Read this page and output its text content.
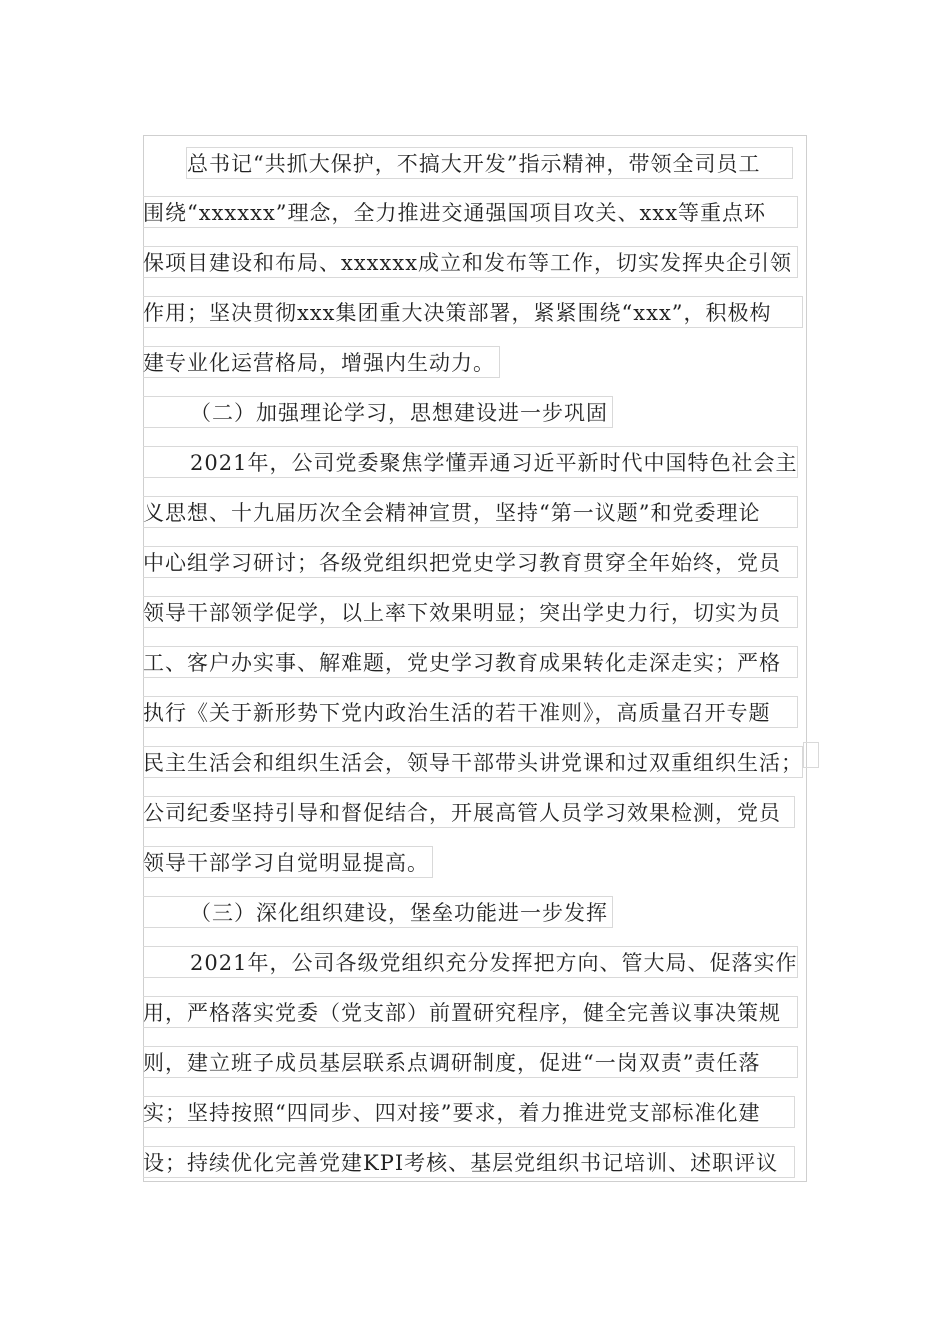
总书记“共抓大保护，不搞大开发”指示精神，带领全司员工
围绕“xxxxxx”理念，全力推进交通强国项目攻关、xxx等重点环
保项目建设和布局、xxxxxx成立和发布等工作，切实发挥央企引领
作用；坚决贯彻xxx集团重大决策部署，紧紧围绕“xxx”，积极构
建专业化运营格局，增强内生动力。
（二）加强理论学习，思想建设进一步巩固
2021年，公司党委聚焦学懂弄通习近平新时代中国特色社会主
义思想、十九届历次全会精神宣贯，坚持“第一议题”和党委理论
中心组学习研讨；各级党组织把党史学习教育贯穿全年始终，党员
领导干部领学促学，以上率下效果明显；突出学史力行，切实为员
工、客户办实事、解难题，党史学习教育成果转化走深走实；严格
执行《关于新形势下党内政治生活的若干准则》，高质量召开专题
民主生活会和组织生活会，领导干部带头讲党课和过双重组织生活；
公司纪委坚持引导和督促结合，开展高管人员学习效果检测，党员
领导干部学习自觉明显提高。
（三）深化组织建设，堡垒功能进一步发挥
2021年，公司各级党组织充分发挥把方向、管大局、促落实作
用，严格落实党委（党支部）前置研究程序，健全完善议事决策规
则，建立班子成员基层联系点调研制度，促进“一岗双责”责任落
实；坚持按照“四同步、四对接”要求，着力推进党支部标准化建
设；持续优化完善党建KPI考核、基层党组织书记培训、述职评议
